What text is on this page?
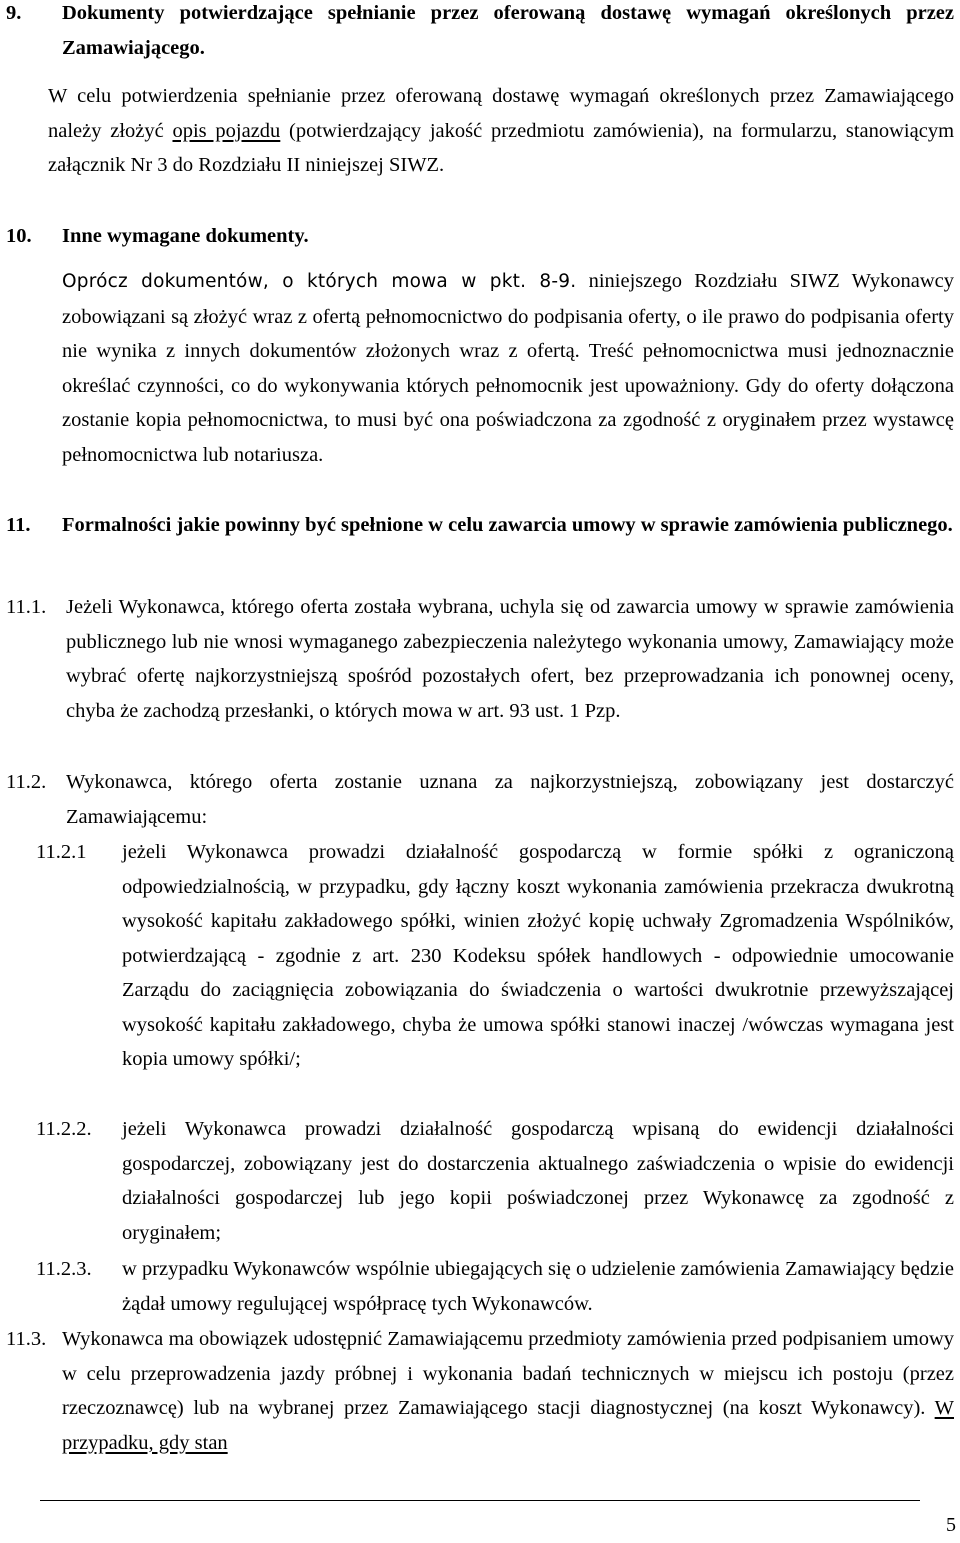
9. Dokumenty potwierdzające spełnianie przez oferowaną dostawę wymagań określonych przez Zamawiającego.
W celu potwierdzenia spełnianie przez oferowaną dostawę wymagań określonych przez Zamawiającego należy złożyć opis pojazdu (potwierdzający jakość przedmiotu zamówienia), na formularzu, stanowiącym załącznik Nr 3 do Rozdziału II niniejszej SIWZ.
10. Inne wymagane dokumenty.
Oprócz dokumentów, o których mowa w pkt. 8-9. niniejszego Rozdziału SIWZ Wykonawcy zobowiązani są złożyć wraz z ofertą pełnomocnictwo do podpisania oferty, o ile prawo do podpisania oferty nie wynika z innych dokumentów złożonych wraz z ofertą. Treść pełnomocnictwa musi jednoznacznie określać czynności, co do wykonywania których pełnomocnik jest upoważniony. Gdy do oferty dołączona zostanie kopia pełnomocnictwa, to musi być ona poświadczona za zgodność z oryginałem przez wystawcę pełnomocnictwa lub notariusza.
11. Formalności jakie powinny być spełnione w celu zawarcia umowy w sprawie zamówienia publicznego.
11.1. Jeżeli Wykonawca, którego oferta została wybrana, uchyla się od zawarcia umowy w sprawie zamówienia publicznego lub nie wnosi wymaganego zabezpieczenia należytego wykonania umowy, Zamawiający może wybrać ofertę najkorzystniejszą spośród pozostałych ofert, bez przeprowadzania ich ponownej oceny, chyba że zachodzą przesłanki, o których mowa w art. 93 ust. 1 Pzp.
11.2. Wykonawca, którego oferta zostanie uznana za najkorzystniejszą, zobowiązany jest dostarczyć Zamawiającemu:
11.2.1 jeżeli Wykonawca prowadzi działalność gospodarczą w formie spółki z ograniczoną odpowiedzialnością, w przypadku, gdy łączny koszt wykonania zamówienia przekracza dwukrotną wysokość kapitału zakładowego spółki, winien złożyć kopię uchwały Zgromadzenia Wspólników, potwierdzającą - zgodnie z art. 230 Kodeksu spółek handlowych - odpowiednie umocowanie Zarządu do zaciągnięcia zobowiązania do świadczenia o wartości dwukrotnie przewyższającej wysokość kapitału zakładowego, chyba że umowa spółki stanowi inaczej /wówczas wymagana jest kopia umowy spółki/;
11.2.2. jeżeli Wykonawca prowadzi działalność gospodarczą wpisaną do ewidencji działalności gospodarczej, zobowiązany jest do dostarczenia aktualnego zaświadczenia o wpisie do ewidencji działalności gospodarczej lub jego kopii poświadczonej przez Wykonawcę za zgodność z oryginałem;
11.2.3. w przypadku Wykonawców wspólnie ubiegających się o udzielenie zamówienia Zamawiający będzie żądał umowy regulującej współpracę tych Wykonawców.
11.3. Wykonawca ma obowiązek udostępnić Zamawiającemu przedmioty zamówienia przed podpisaniem umowy w celu przeprowadzenia jazdy próbnej i wykonania badań technicznych w miejscu ich postoju (przez rzeczoznawcę) lub na wybranej przez Zamawiającego stacji diagnostycznej (na koszt Wykonawcy). W przypadku, gdy stan
5
